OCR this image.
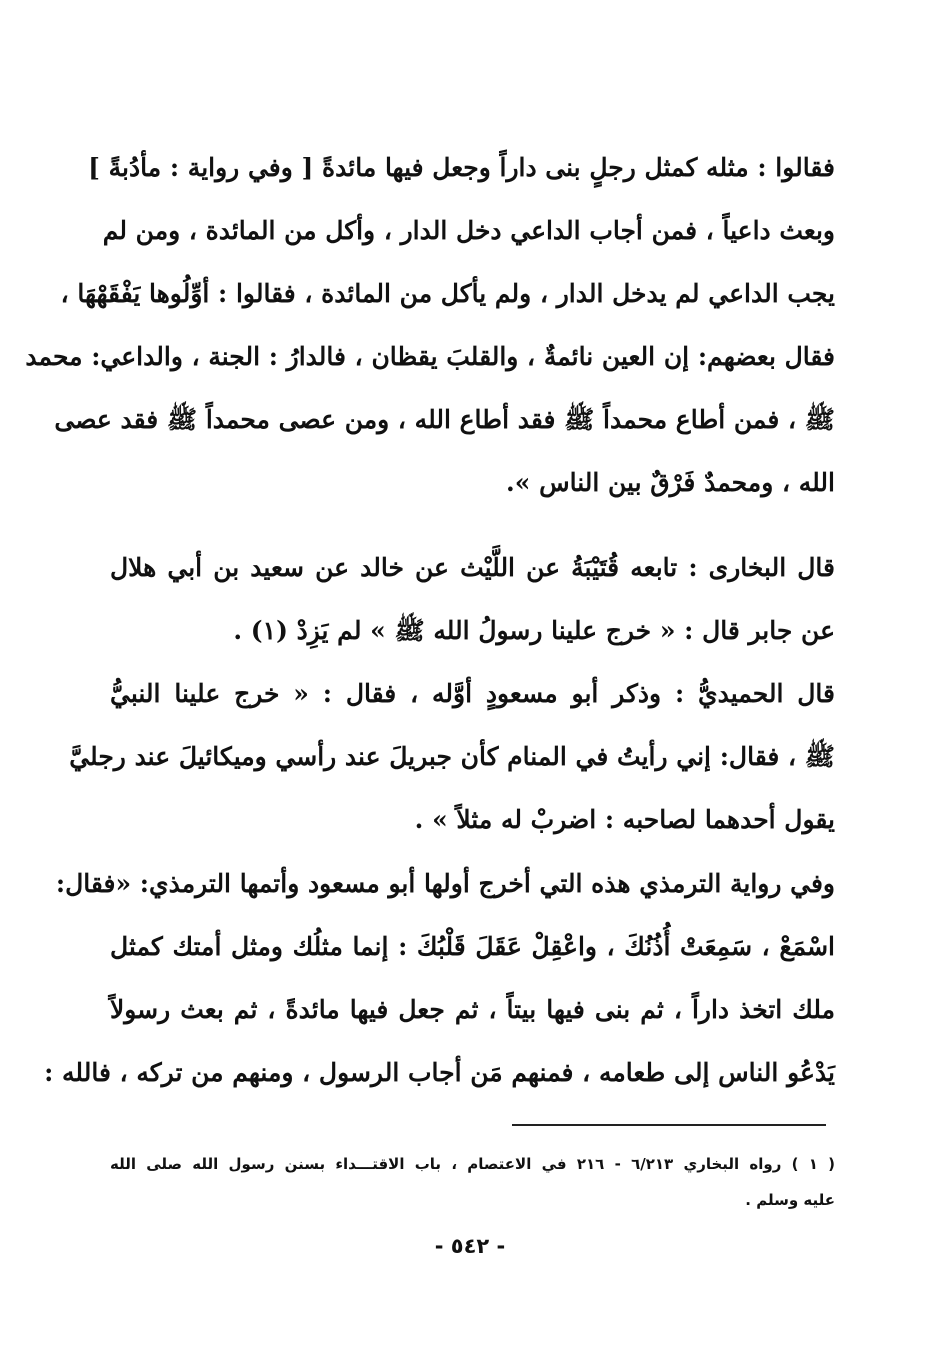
فقالوا : مثله كمثل رجلٍ بنى داراً وجعل فيها مائدةً [ وفي رواية : مأدُبةً ]
وبعث داعياً ، فمن أجاب الداعي دخل الدار ، وأكل من المائدة ، ومن لم
يجب الداعي لم يدخل الدار ، ولم يأكل من المائدة ، فقالوا : أوِّلُوها يَفْقَهْهَا ،
فقال بعضهم: إن العين نائمةٌ ، والقلبَ يقظان ، فالدارُ : الجنة ، والداعي: محمد
ﷺ ، فمن أطاع محمداً ﷺ فقد أطاع الله ، ومن عصى محمداً ﷺ فقد عصى
الله ، ومحمدٌ فَرْقٌ بين الناس ».
قال البخارى : تابعه قُتَيْبَةُ عن اللَّيْث عن خالد عن سعيد بن أبي هلال
عن جابر قال : « خرج علينا رسولُ الله ﷺ » لم يَزِدْ (١) .
قال الحميديُّ : وذكر أبو مسعودٍ أوَّله ، فقال : « خرج علينا النبيُّ
ﷺ ، فقال: إني رأيتُ في المنام كأن جبريلَ عند رأسي وميكائيلَ عند رجليَّ
يقول أحدهما لصاحبه : اضربْ له مثلاً » .
وفي رواية الترمذي هذه التي أخرج أولها أبو مسعود وأتمها الترمذي: «فقال:
اسْمَعْ ، سَمِعَتْ أُذُنُكَ ، واعْقِلْ عَقَلَ قَلْبُكَ : إنما مثلُك ومثل أمتك كمثل
ملك اتخذ داراً ، ثم بنى فيها بيتاً ، ثم جعل فيها مائدةً ، ثم بعث رسولاً
يَدْعُو الناس إلى طعامه ، فمنهم مَن أجاب الرسول ، ومنهم من تركه ، فالله :
( ١ ) رواه البخاري ٦/٢١٣ - ٢١٦ في الاعتصام ، باب الاقتـــداء بسنن رسول الله صلى الله
عليه وسلم .
- ٥٤٢ -
